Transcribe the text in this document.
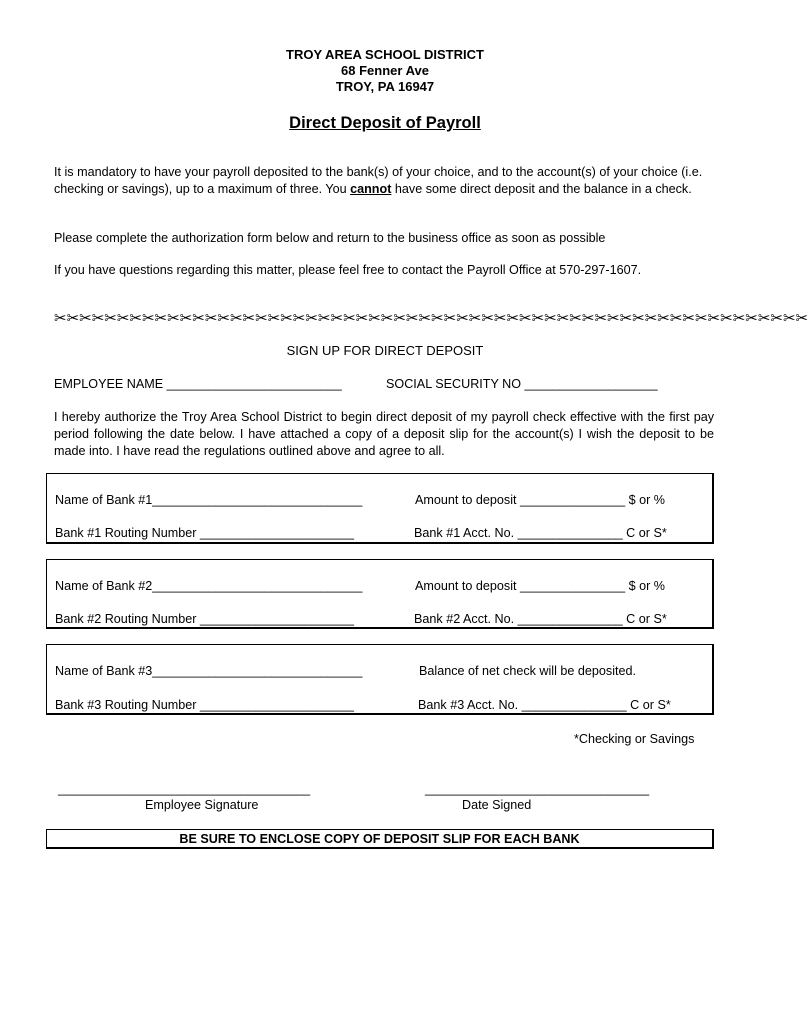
TROY AREA SCHOOL DISTRICT
68 Fenner Ave
TROY, PA 16947
Direct Deposit of Payroll
It is mandatory to have your payroll deposited to the bank(s) of your choice, and to the account(s) of your choice (i.e. checking or savings), up to a maximum of three. You cannot have some direct deposit and the balance in a check.
Please complete the authorization form below and return to the business office as soon as possible
If you have questions regarding this matter, please feel free to contact the Payroll Office at 570-297-1607.
✂✂✂✂✂✂✂✂✂✂✂✂✂✂✂✂✂✂✂✂✂✂✂✂✂✂✂✂✂✂✂✂✂✂✂✂✂✂✂✂✂✂✂✂✂✂✂✂✂✂✂✂✂✂✂✂✂✂✂✂
SIGN UP FOR DIRECT DEPOSIT
EMPLOYEE NAME _________________________	SOCIAL SECURITY NO ___________________
I hereby authorize the Troy Area School District to begin direct deposit of my payroll check effective with the first pay period following the date below. I have attached a copy of a deposit slip for the account(s) I wish the deposit to be made into. I have read the regulations outlined above and agree to all.
Name of Bank #1______________________________	Amount to deposit _______________ $ or %
Bank #1 Routing Number ______________________	Bank #1 Acct. No. _______________ C or S*
Name of Bank #2______________________________	Amount to deposit _______________ $ or %
Bank #2 Routing Number ______________________	Bank #2 Acct. No. _______________ C or S*
Name of Bank #3______________________________	Balance of net check will be deposited.
Bank #3 Routing Number ______________________	Bank #3 Acct. No. _______________ C or S*
*Checking or Savings
____________________________________
Employee Signature
________________________________
Date Signed
BE SURE TO ENCLOSE COPY OF DEPOSIT SLIP FOR EACH BANK
